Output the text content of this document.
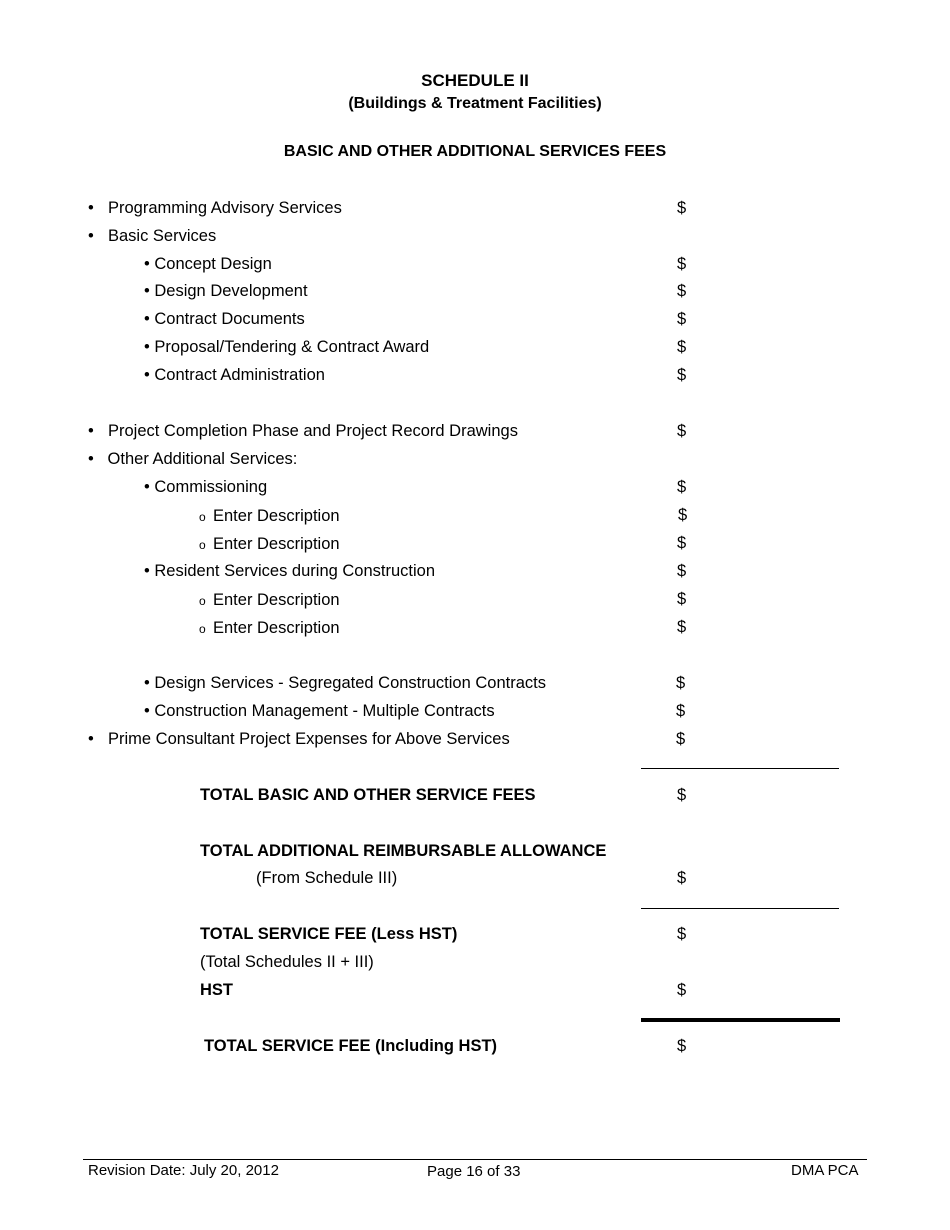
SCHEDULE II
(Buildings & Treatment Facilities)
BASIC AND OTHER ADDITIONAL SERVICES FEES
• Programming Advisory Services	$
• Basic Services
• Concept Design	$
• Design Development	$
• Contract Documents	$
• Proposal/Tendering & Contract Award	$
• Contract Administration	$
• Project Completion Phase and Project Record Drawings	$
• Other Additional Services:
• Commissioning	$
o Enter Description	$
o Enter Description	$
• Resident Services during Construction	$
o Enter Description	$
o Enter Description	$
• Design Services - Segregated Construction Contracts	$
• Construction Management - Multiple Contracts	$
• Prime Consultant Project Expenses for Above Services	$
TOTAL BASIC AND OTHER SERVICE FEES	$
TOTAL ADDITIONAL REIMBURSABLE ALLOWANCE
(From Schedule III)	$
TOTAL SERVICE FEE (Less HST)	$
(Total Schedules II + III)
HST	$
TOTAL SERVICE FEE (Including HST)	$
Revision Date: July 20, 2012	Page 16 of 33	DMA PCA
